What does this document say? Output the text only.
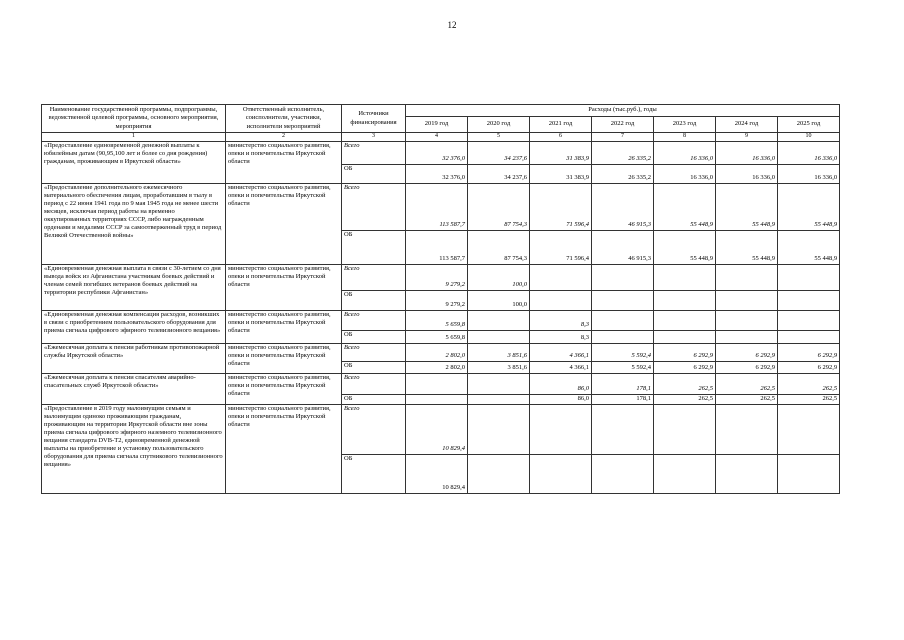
12
Наименование государственной программы, подпрограммы, ведомственной целевой программы, основного мероприятия, мероприятия	Ответственный исполнитель, соисполнители, участники, исполнители мероприятий	Источники финансирования	Расходы (тыс.руб.), годы						
			2019 год	2020 год	2021 год	2022 год	2023 год	2024 год	2025 год
1	2	3	4	5	6	7	8	9	10
«Предоставление единовременной денежной выплаты к юбилейным датам (90,95,100 лет и более со дня рождения) гражданам, проживающим в Иркутской области»	министерство социального развития, опеки и попечительства Иркутской области	Всего	32 376,0	34 237,6	31 383,9	26 335,2	16 336,0	16 336,0	16 336,0
		ОБ	32 376,0	34 237,6	31 383,9	26 335,2	16 336,0	16 336,0	16 336,0
«Предоставление дополнительного ежемесячного материального обеспечения лицам, проработавшим в тылу в период с 22 июня 1941 года по 9 мая 1945 года не менее шести месяцев, исключая период работы на временно оккупированных территориях СССР, либо награжденным орденами и медалями СССР за самоотверженный труд в период Великой Отечественной войны»	министерство социального развития, опеки и попечительства Иркутской области	Всего	113 587,7	87 754,3	71 596,4	46 915,3	55 448,9	55 448,9	55 448,9
		ОБ	113 587,7	87 754,3	71 596,4	46 915,3	55 448,9	55 448,9	55 448,9
«Единовременная денежная выплата в связи с 30-летием со дня вывода войск из Афганистана участникам боевых действий и членам семей погибших ветеранов боевых действий на территории республики Афганистан»	министерство социального развития, опеки и попечительства Иркутской области	Всего	9 279,2	100,0					
		ОБ	9 279,2	100,0					
«Единовременная денежная компенсация расходов, возникших в связи с приобретением пользовательского оборудования для приема сигнала цифрового эфирного телевизионного вещания»	министерство социального развития, опеки и попечительства Иркутской области	Всего	5 659,8		8,3				
		ОБ	5 659,8		8,3				
«Ежемесячная доплата к пенсии работникам противопожарной службы Иркутской области»	министерство социального развития, опеки и попечительства Иркутской области	Всего	2 802,0	3 851,6	4 366,1	5 592,4	6 292,9	6 292,9	6 292,9
		ОБ	2 802,0	3 851,6	4 366,1	5 592,4	6 292,9	6 292,9	6 292,9
«Ежемесячная доплата к пенсии спасателям аварийно-спасательных служб Иркутской области»	министерство социального развития, опеки и попечительства Иркутской области	Всего			86,0	178,1	262,5	262,5	262,5
		ОБ			86,0	178,1	262,5	262,5	262,5
«Предоставление в 2019 году малоимущим семьям и малоимущим одиноко проживающим гражданам, проживающим на территории Иркутской области вне зоны приема сигнала цифрового эфирного наземного телевизионного вещания стандарта DVB-T2, единовременной денежной выплаты на приобретение и установку пользовательского оборудования для приема сигнала спутникового телевизионного вещания»	министерство социального развития, опеки и попечительства Иркутской области	Всего	10 829,4						
		ОБ	10 829,4						
